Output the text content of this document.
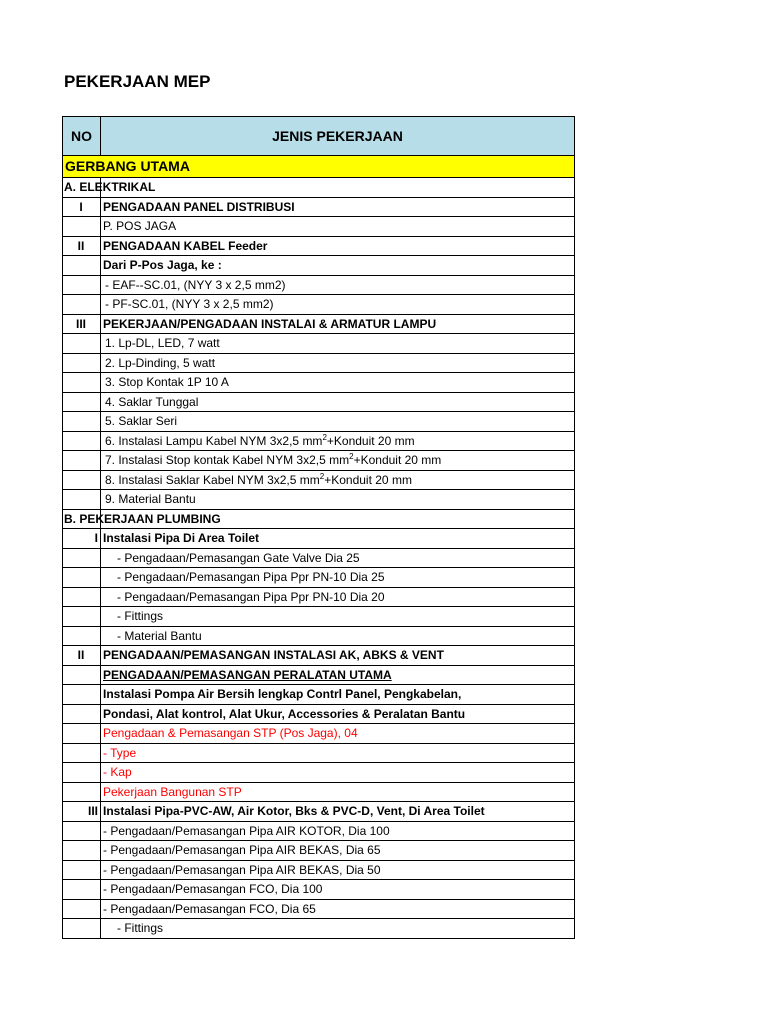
PEKERJAAN MEP
NO	JENIS PEKERJAAN
GERBANG UTAMA
A. ELEKTRIKAL
I	PENGADAAN PANEL DISTRIBUSI
P. POS JAGA
II	PENGADAAN KABEL Feeder
Dari P-Pos Jaga, ke :
- EAF--SC.01, (NYY 3 x 2,5 mm2)
- PF-SC.01, (NYY 3 x 2,5 mm2)
III	PEKERJAAN/PENGADAAN INSTALAI & ARMATUR LAMPU
1. Lp-DL, LED, 7 watt
2. Lp-Dinding, 5 watt
3. Stop Kontak 1P 10 A
4. Saklar Tunggal
5. Saklar Seri
6. Instalasi Lampu Kabel NYM 3x2,5 $mm^2+Konduit$ 20 mm
7. Instalasi Stop kontak Kabel NYM 3x2,5 $mm^2+Konduit$ 20 mm
8. Instalasi Saklar Kabel NYM 3x2,5 $mm^2+Konduit$ 20 mm
9. Material Bantu
B. PEKERJAAN PLUMBING
I Instalasi Pipa Di Area Toilet
- Pengadaan/Pemasangan Gate Valve Dia 25
- Pengadaan/Pemasangan Pipa Ppr PN-10 Dia 25
- Pengadaan/Pemasangan Pipa Ppr PN-10 Dia 20
- Fittings
- Material Bantu
II	PENGADAAN/PEMASANGAN INSTALASI AK, ABKS & VENT
PENGADAAN/PEMASANGAN PERALATAN UTAMA
Instalasi Pompa Air Bersih lengkap Contrl Panel, Pengkabelan,
Pondasi, Alat kontrol, Alat Ukur, Accessories & Peralatan Bantu
Pengadaan & Pemasangan STP (Pos Jaga), 04
- Type
- Kap
Pekerjaan Bangunan STP
III Instalasi Pipa-PVC-AW, Air Kotor, Bks & PVC-D, Vent, Di Area Toilet
- Pengadaan/Pemasangan Pipa AIR KOTOR, Dia 100
- Pengadaan/Pemasangan Pipa AIR BEKAS, Dia 65
- Pengadaan/Pemasangan Pipa AIR BEKAS, Dia 50
- Pengadaan/Pemasangan FCO, Dia 100
- Pengadaan/Pemasangan FCO, Dia 65
- Fittings
